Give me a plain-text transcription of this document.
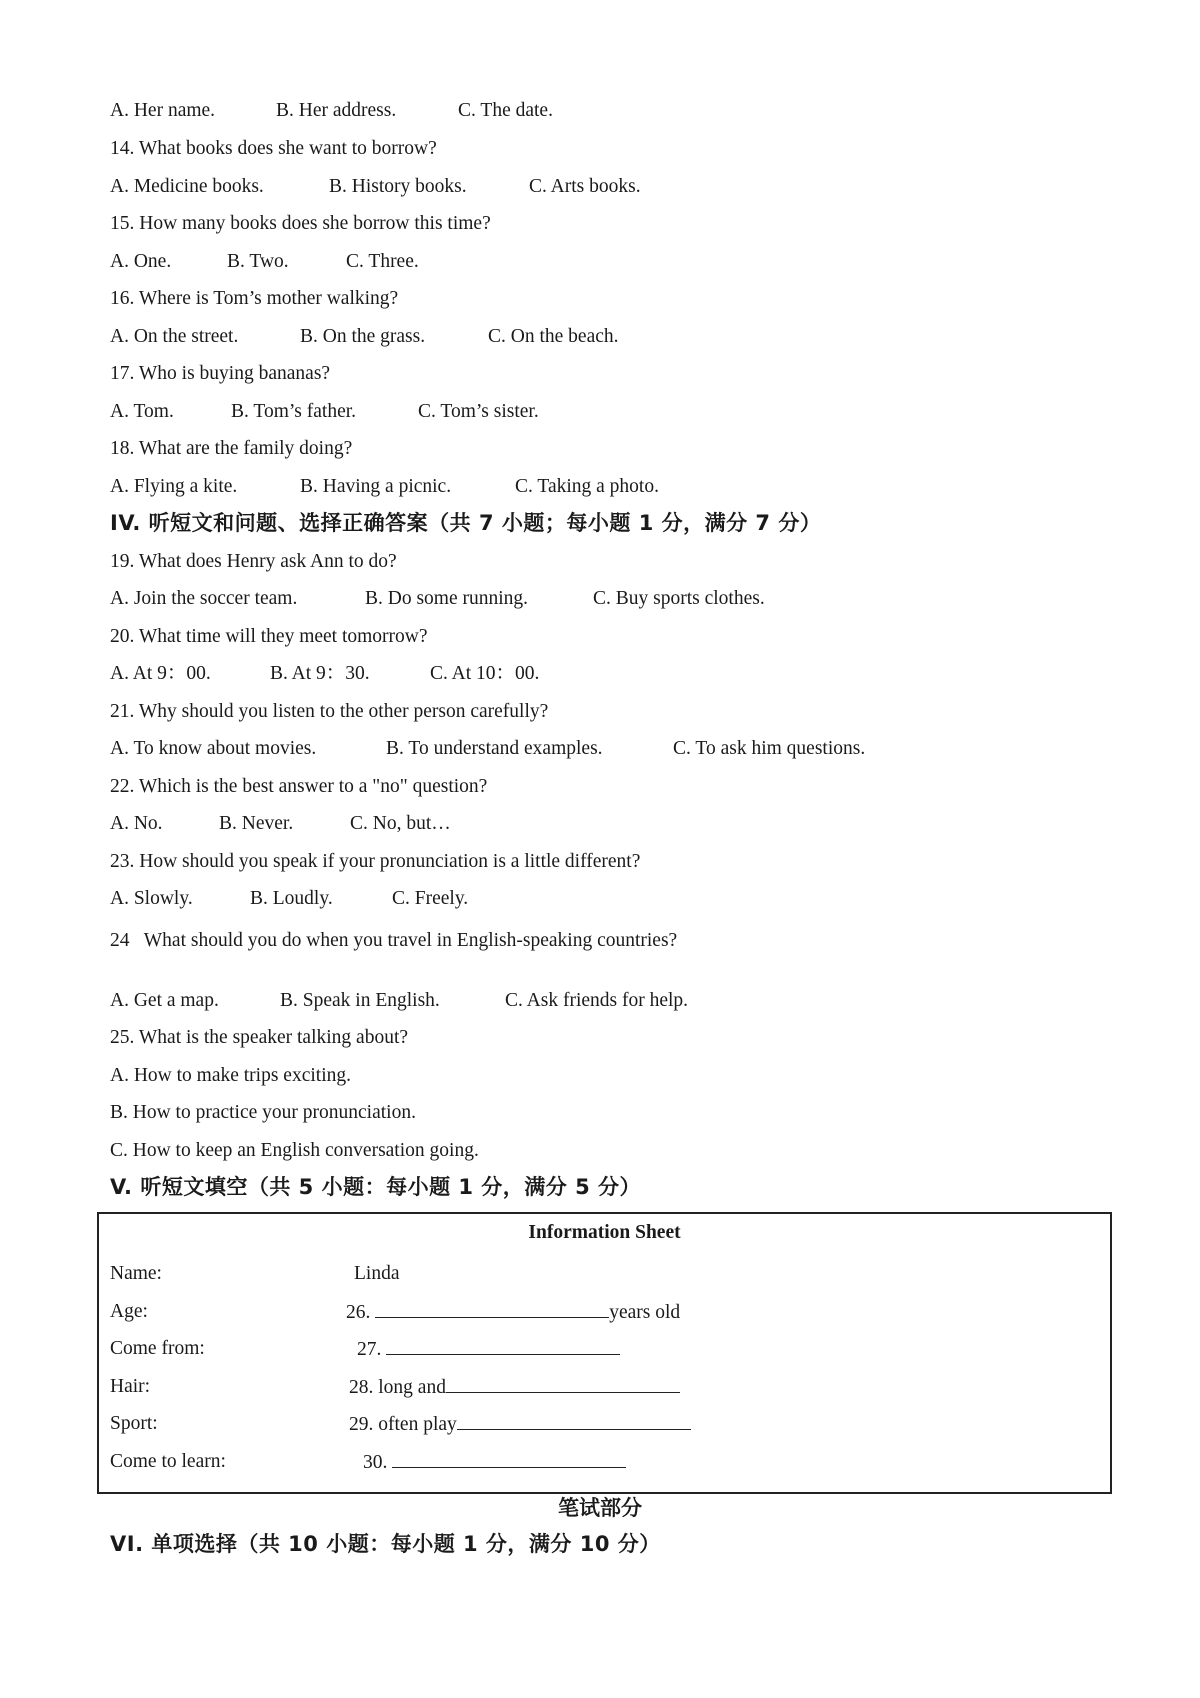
A. Her name.

	B. Her address.

	C. The date.

14. What books does she want to borrow?

A. Medicine books.

	B. History books.

	C. Arts books.

15. How many books does she borrow this time?

A. One.

	B. Two.

	C. Three.

16. Where is Tom’s mother walking?

A. On the street.

	B. On the grass.

	C. On the beach.

17. Who is buying bananas?

A. Tom.

	B. Tom’s father.

	C. Tom’s sister.

18. What are the family doing?

A. Flying a kite.

	B. Having a picnic.

	C. Taking a photo.

IV. 听短文和问题、选择正确答案（共 7 小题；每小题 1 分，满分 7 分）
19. What does Henry ask Ann to do?

A. Join the soccer team.

	B. Do some running.

	C. Buy sports clothes.

20. What time will they meet tomorrow?

A. At 9：00.

	B. At 9：30.

	C. At 10：00.

21. Why should you listen to the other person carefully?

A. To know about movies.

	B. To understand examples.

	C. To ask him questions.

22. Which is the best answer to a "no" question?

A. No.

	B. Never.

	C. No, but…

23. How should you speak if your pronunciation is a little different?

A. Slowly.

	B. Loudly.

	C. Freely.

24   What should you do when you travel in English-speaking countries?

A. Get a map.

	B. Speak in English.

	C. Ask friends for help.

25. What is the speaker talking about?
A. How to make trips exciting.
B. How to practice your pronunciation.
C. How to keep an English conversation going.
V. 听短文填空（共 5 小题：每小题 1 分，满分 5 分）
Information Sheet
Name:	Linda
Age:	26.	years old
Come from:	27.
Hair:	28. long and
Sport:	29. often play
Come to learn:	30.
笔试部分
VI. 单项选择（共 10 小题：每小题 1 分，满分 10 分）
